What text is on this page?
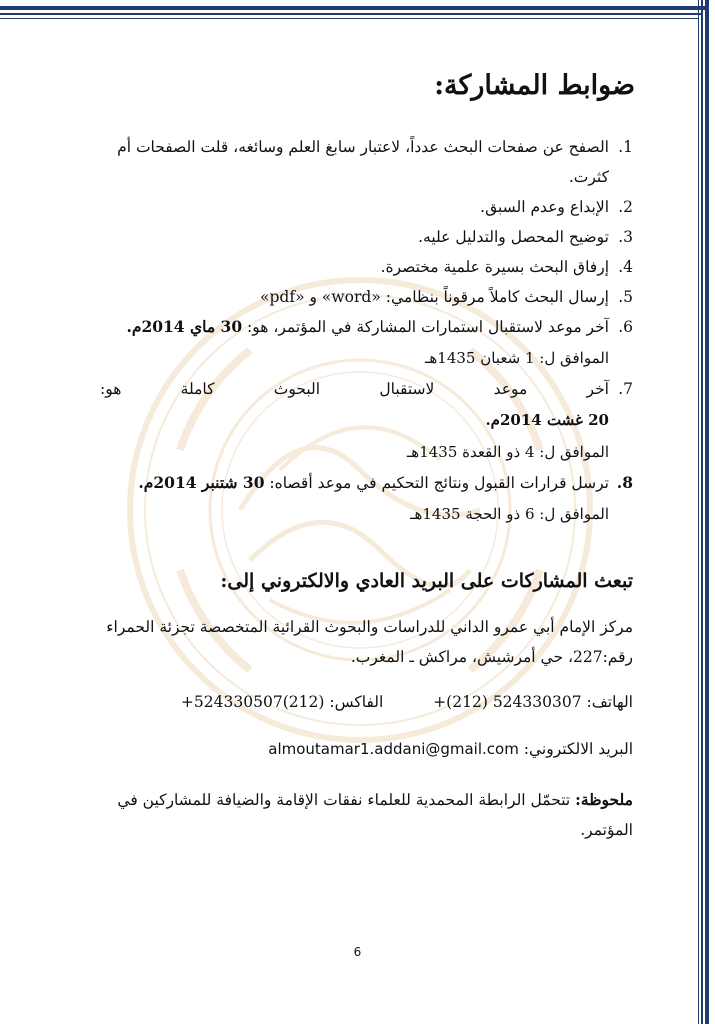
ضوابط المشاركة:
1.
الصفح عن صفحات البحث عدداً، لاعتبار سابغ العلم وسائغه، قلت الصفحات أم كثرت.
2.
الإبداع وعدم السبق.
3.
توضيح المحصل والتدليل عليه.
4.
إرفاق البحث بسيرة علمية مختصرة.
5.
إرسال البحث كاملاً مرقوناً بنظامي: «word» و «pdf»
6.
آخر موعد لاستقبال استمارات المشاركة في المؤتمر، هو: 30 ماي 2014م.
الموافق ل: 1 شعبان 1435هـ
7.
آخر
موعد
لاستقبال
البحوث
كاملة
هو:
20 غشت 2014م.
الموافق ل: 4 ذو القعدة 1435هـ
8.
ترسل قرارات القبول ونتائج التحكيم في موعد أقصاه: 30 شتنبر 2014م.
الموافق ل: 6 ذو الحجة 1435هـ
تبعث المشاركات على البريد العادي والالكتروني إلى:

مركز الإمام أبي عمرو الداني للدراسات والبحوث القرائية المتخصصة تجزئة الحمراء رقم:227، حي أمرشيش، مراكش ـ المغرب.

الهاتف: 524330307 (212)+  الفاكس: (212)524330507+

البريد الالكتروني: almoutamar1.addani@gmail.com

ملحوظة: تتحمّل الرابطة المحمدية للعلماء نفقات الإقامة والضيافة للمشاركين في المؤتمر.

6
